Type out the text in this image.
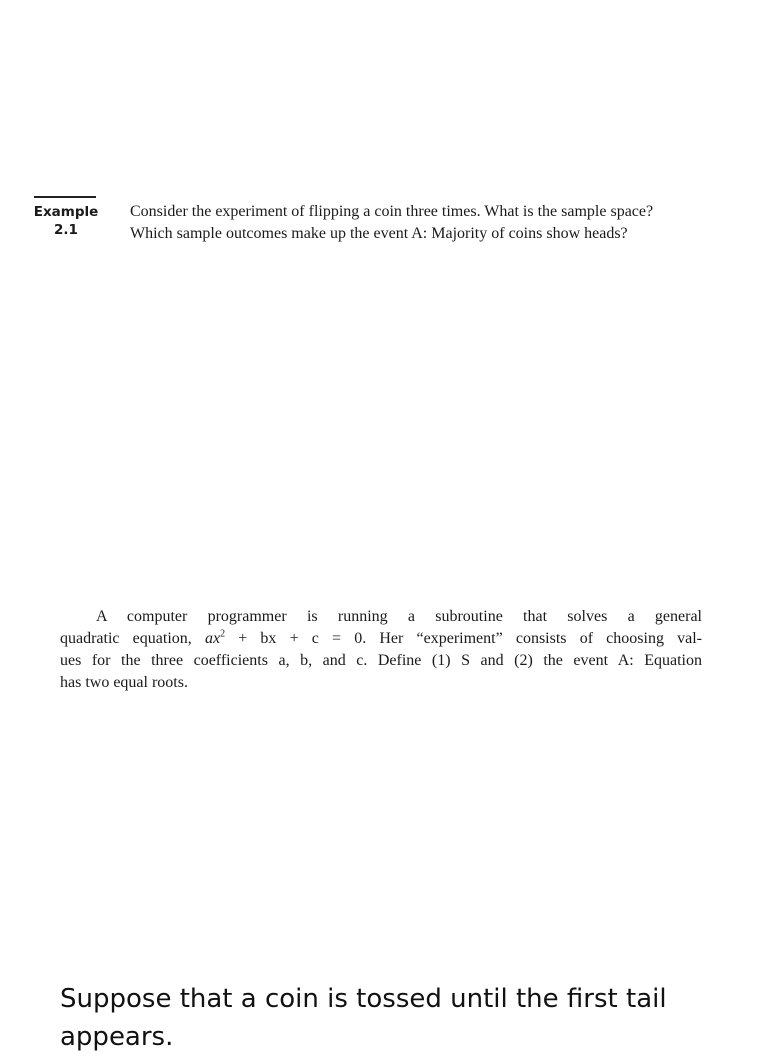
Example
2.1
Consider the experiment of flipping a coin three times. What is the sample space?
Which sample outcomes make up the event A: Majority of coins show heads?
A computer programmer is running a subroutine that solves a general
quadratic equation, $ax^2$ + bx + c = 0. Her “experiment” consists of choosing val-
ues for the three coefficients a, b, and c. Define (1) S and (2) the event A: Equation
has two equal roots.
Suppose that a coin is tossed until the first tail appears.
